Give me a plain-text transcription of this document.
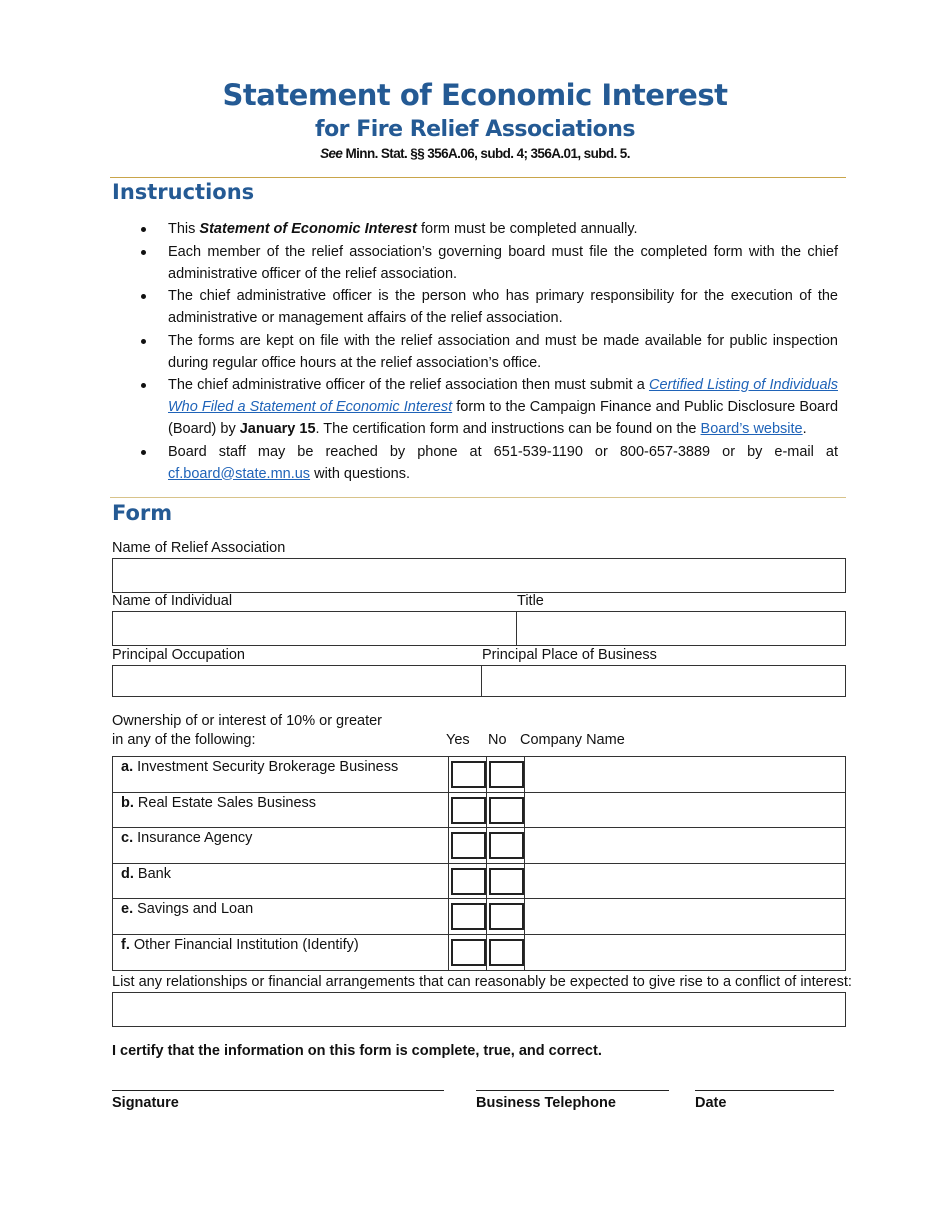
Statement of Economic Interest
for Fire Relief Associations
See Minn. Stat. §§ 356A.06, subd. 4; 356A.01, subd. 5.
Instructions
This Statement of Economic Interest form must be completed annually.
Each member of the relief association’s governing board must file the completed form with the chief administrative officer of the relief association.
The chief administrative officer is the person who has primary responsibility for the execution of the administrative or management affairs of the relief association.
The forms are kept on file with the relief association and must be made available for public inspection during regular office hours at the relief association’s office.
The chief administrative officer of the relief association then must submit a Certified Listing of Individuals Who Filed a Statement of Economic Interest form to the Campaign Finance and Public Disclosure Board (Board) by January 15. The certification form and instructions can be found on the Board’s website.
Board staff may be reached by phone at 651-539-1190 or 800-657-3889 or by e-mail at cf.board@state.mn.us with questions.
Form
Name of Relief Association
Name of Individual	Title
Principal Occupation	Principal Place of Business
Ownership of or interest of 10% or greater
in any of the following:	Yes No Company Name
a. Investment Security Brokerage Business	

b. Real Estate Sales Business	

c. Insurance Agency	

d. Bank	

e. Savings and Loan	

f. Other Financial Institution (Identify)	

List any relationships or financial arrangements that can reasonably be expected to give rise to a conflict of interest:
I certify that the information on this form is complete, true, and correct.
Signature	Business Telephone	Date
